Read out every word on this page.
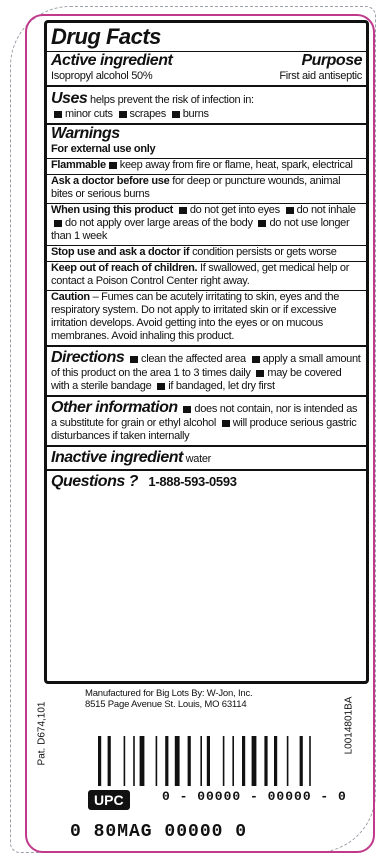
Drug Facts
Active ingredient	Purpose
Isopropyl alcohol 50%	First aid antiseptic
Uses helps prevent the risk of infection in:
minor cuts scrapes burns
Warnings
For external use only
Flammable keep away from fire or flame, heat, spark, electrical
Ask a doctor before use for deep or puncture wounds, animal bites or serious burns
When using this product do not get into eyes do not inhale do not apply over large areas of the body do not use longer than 1 week
Stop use and ask a doctor if condition persists or gets worse
Keep out of reach of children. If swallowed, get medical help or contact a Poison Control Center right away.
Caution – Fumes can be acutely irritating to skin, eyes and the respiratory system. Do not apply to irritated skin or if excessive irritation develops. Avoid getting into the eyes or on mucous membranes. Avoid inhaling this product.
Directions clean the affected area apply a small amount of this product on the area 1 to 3 times daily may be covered with a sterile bandage if bandaged, let dry first
Other information does not contain, nor is intended as a substitute for grain or ethyl alcohol will produce serious gastric disturbances if taken internally
Inactive ingredient water
Questions ? 1-888-593-0593
Manufactured for Big Lots By: W-Jon, Inc.
8515 Page Avenue St. Louis, MO 63114
Pat. D674,101	L0014801BA
UPC	0 - 00000 - 00000 - 0
0 80MAG 00000 0
